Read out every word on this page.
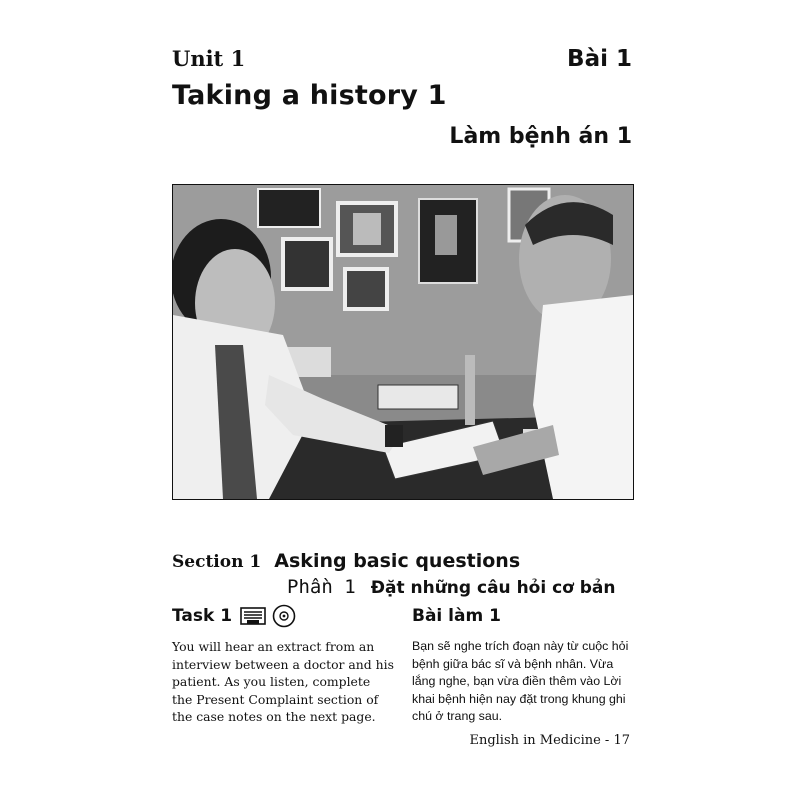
Unit 1	Bài 1
Taking a history 1
Làm bệnh án 1
Section 1 Asking basic questions
Phần 1 Đặt những câu hỏi cơ bản
Task 1	Bài làm 1
You will hear an extract from an interview between a doctor and his patient. As you listen, complete the Present Complaint section of the case notes on the next page.
Bạn sẽ nghe trích đoạn này từ cuộc hỏi bệnh giữa bác sĩ và bệnh nhân. Vừa lắng nghe, bạn vừa điền thêm vào Lời khai bệnh hiện nay đặt trong khung ghi chú ở trang sau.
English in Medicine - 17
